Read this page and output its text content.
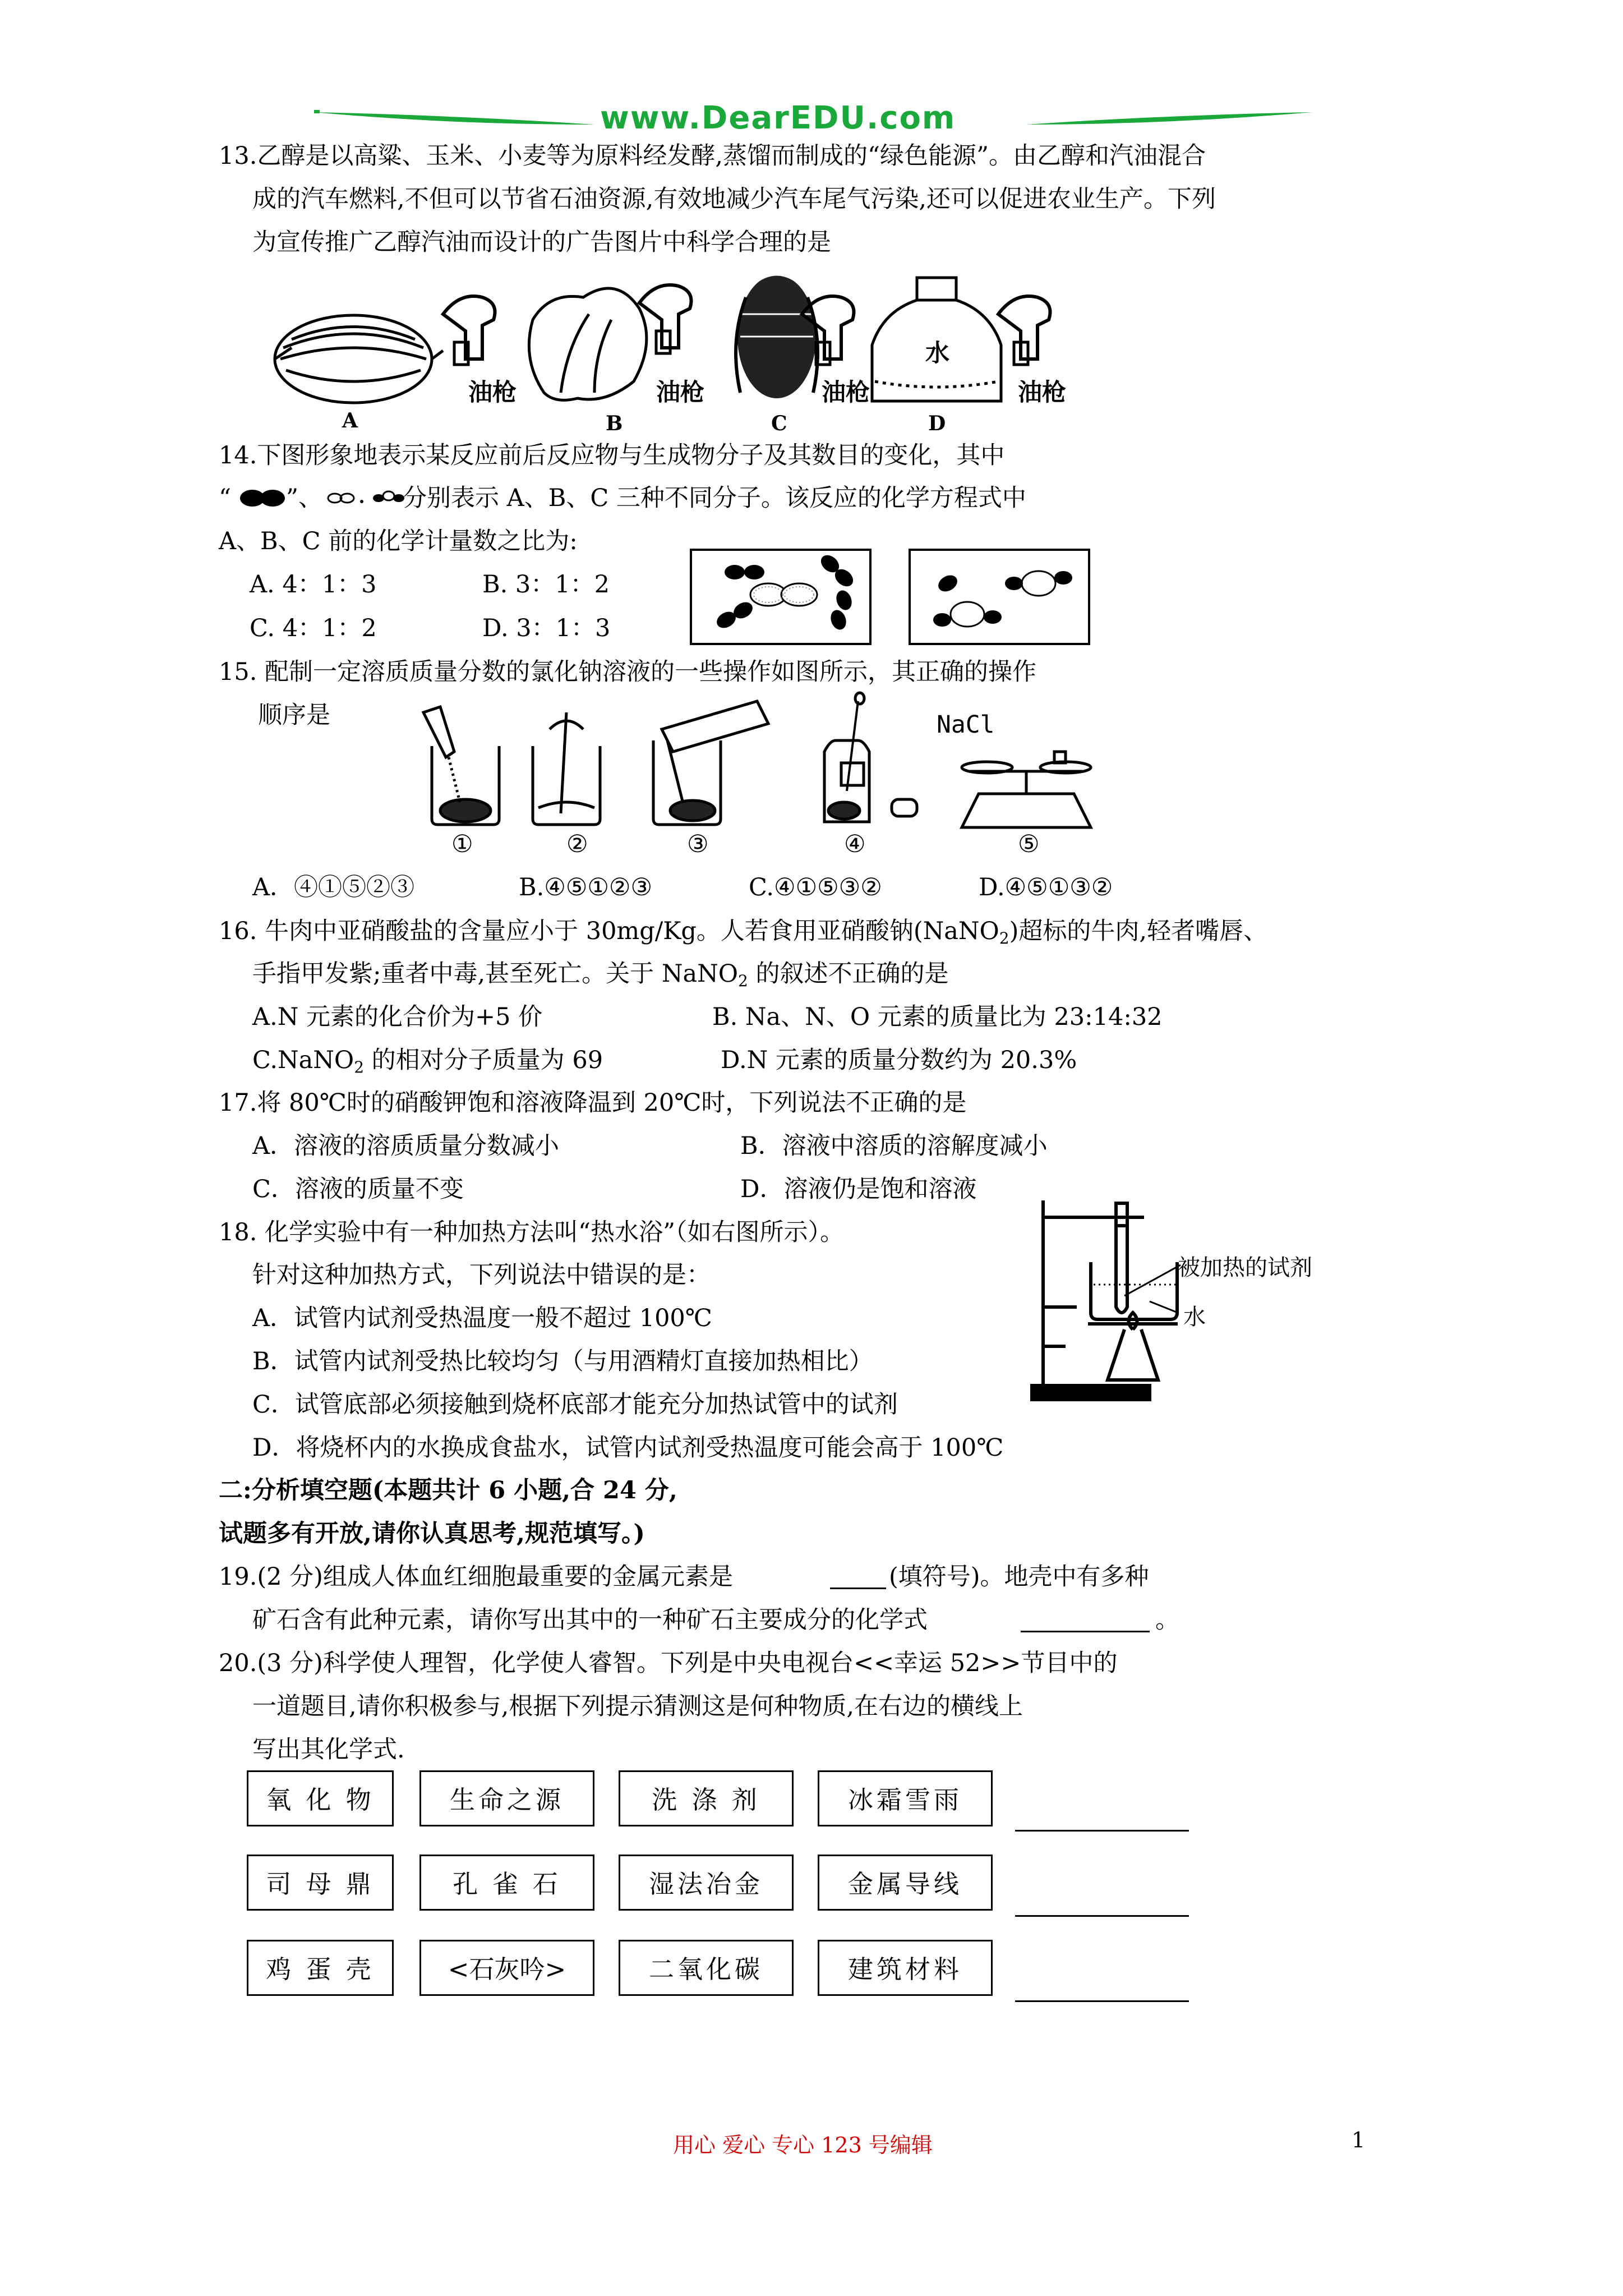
www.DearEDU.com
13.乙醇是以高粱、玉米、小麦等为原料经发酵,蒸馏而制成的“绿色能源”。由乙醇和汽油混合
成的汽车燃料,不但可以节省石油资源,有效地减少汽车尾气污染,还可以促进农业生产。下列
为宣传推广乙醇汽油而设计的广告图片中科学合理的是
油枪	油枪	油枪	油枪
水
A	B	C	D
14.下图形象地表示某反应前后反应物与生成物分子及其数目的变化，其中
“ ”、	分别表示 A、B、C 三种不同分子。该反应的化学方程式中
A、B、C 前的化学计量数之比为:
A. 4：1：3	B. 3：1：2
C. 4：1：2	D. 3：1：3
15. 配制一定溶质质量分数的氯化钠溶液的一些操作如图所示，其正确的操作
顺序是	NaCl
①	②	③	④	⑤
A．④①⑤②③	B.④⑤①②③	C.④①⑤③②	D.④⑤①③②
16. 牛肉中亚硝酸盐的含量应小于 30mg/Kg。人若食用亚硝酸钠(NaNO$_2$)超标的牛肉,轻者嘴唇、
手指甲发紫;重者中毒,甚至死亡。关于 NaNO$_2$ 的叙述不正确的是
A.N 元素的化合价为+5 价	B. Na、N、O 元素的质量比为 23:14:32
C.NaNO$_2$ 的相对分子质量为 69	D.N 元素的质量分数约为 20.3%
17.将 80℃时的硝酸钾饱和溶液降温到 20℃时，下列说法不正确的是
A．溶液的溶质质量分数减小	B．溶液中溶质的溶解度减小
C．溶液的质量不变	D．溶液仍是饱和溶液
18. 化学实验中有一种加热方法叫“热水浴”（如右图所示）。
针对这种加热方式，下列说法中错误的是：
A．试管内试剂受热温度一般不超过 100℃
B．试管内试剂受热比较均匀（与用酒精灯直接加热相比）
C．试管底部必须接触到烧杯底部才能充分加热试管中的试剂
D．将烧杯内的水换成食盐水，试管内试剂受热温度可能会高于 100℃
被加热的试剂
水
二:分析填空题(本题共计 6 小题,合 24 分,
试题多有开放,请你认真思考,规范填写。)
19.(2 分)组成人体血红细胞最重要的金属元素是	(填符号)。地壳中有多种
矿石含有此种元素，请你写出其中的一种矿石主要成分的化学式	。
20.(3 分)科学使人理智，化学使人睿智。下列是中央电视台<<幸运 52>>节目中的
一道题目,请你积极参与,根据下列提示猜测这是何种物质,在右边的横线上
写出其化学式.
氧 化 物	生命之源	洗 涤 剂	冰霜雪雨
司 母 鼎	孔 雀 石	湿法冶金	金属导线
鸡 蛋 壳	<石灰吟>	二氧化碳	建筑材料
用心 爱心 专心 123 号编辑	1
